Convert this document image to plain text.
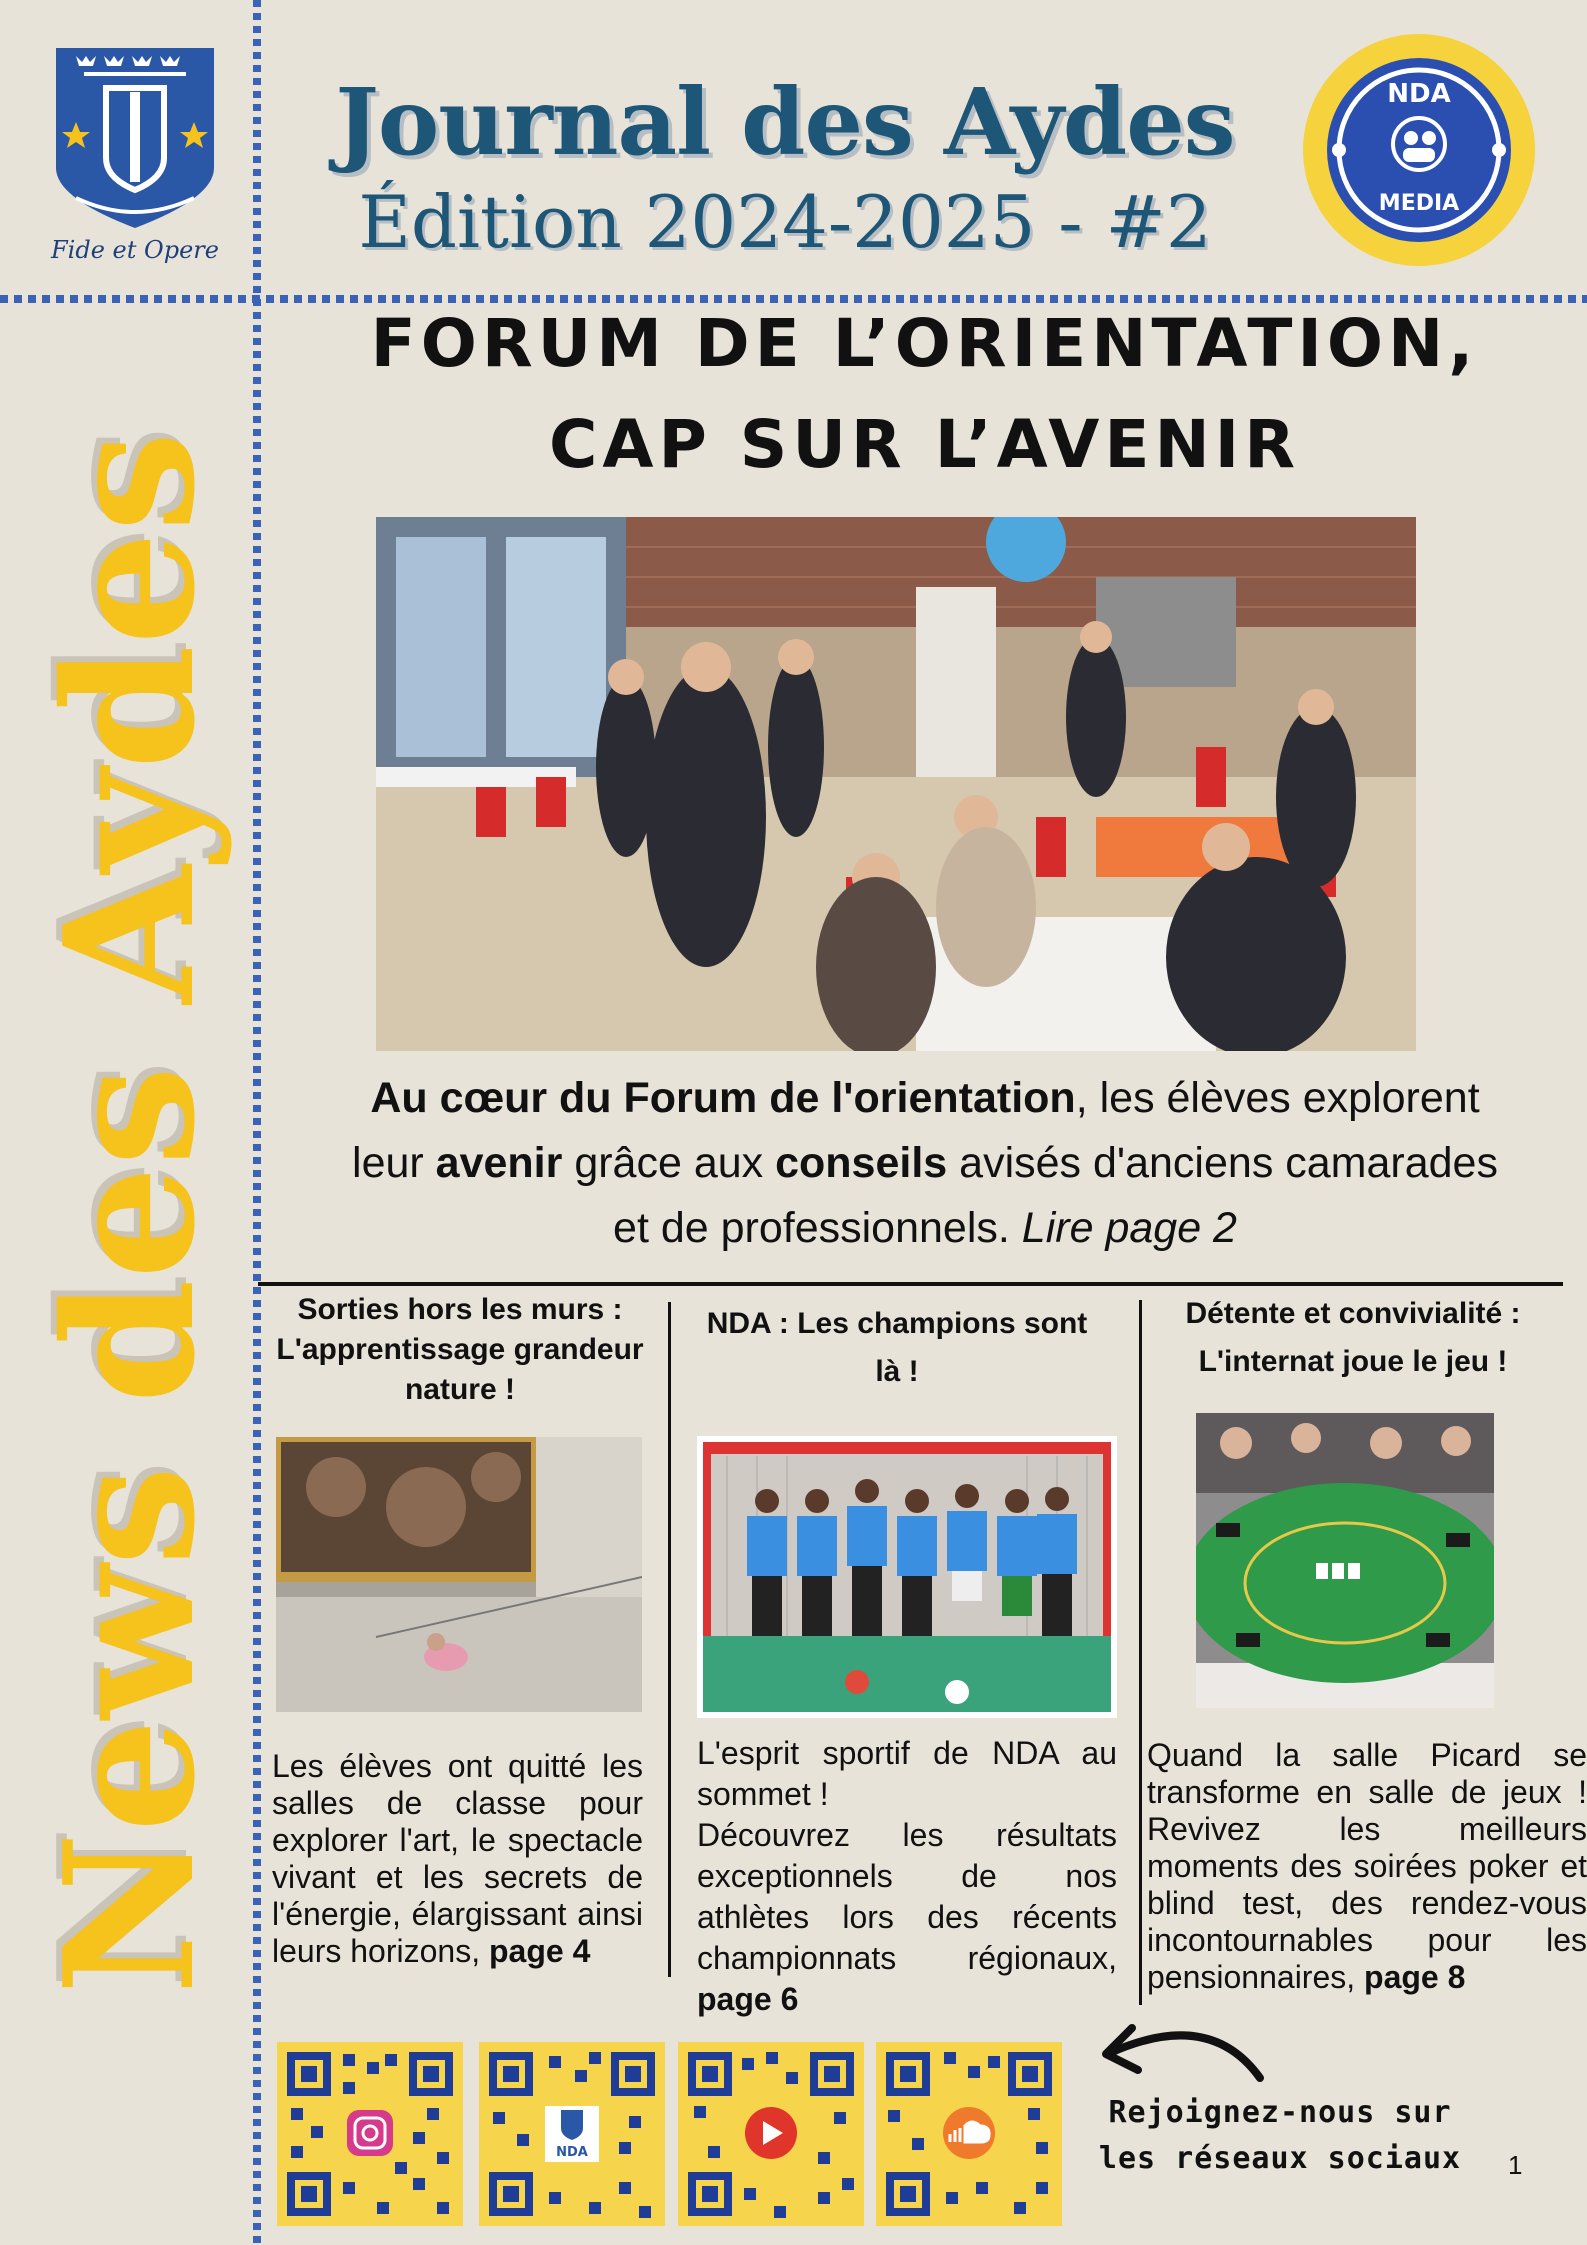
Fide et Opere
Journal des Aydes
Édition 2024-2025 - #2
NDA
MEDIA
News des Aydes
FORUM DE L’ORIENTATION,
CAP SUR L’AVENIR
Au cœur du Forum de l'orientation, les élèves explorent
leur avenir grâce aux conseils avisés d'anciens camarades
et de professionnels. Lire page 2
Sorties hors les murs : L'apprentissage grandeur nature !
NDA : Les champions sont là !
Détente et convivialité : L'internat joue le jeu !
Les élèves ont quitté les salles de classe pour explorer l'art, le spectacle vivant et les secrets de l'énergie, élargissant ainsi leurs horizons, page 4
L'esprit sportif de NDA au sommet !
Découvrez les résultats exceptionnels de nos athlètes lors des récents championnats régionaux, page 6
Quand la salle Picard se transforme en salle de jeux ! Revivez les meilleurs moments des soirées poker et blind test, des rendez-vous incontournables pour les pensionnaires, page 8
NDA
Rejoignez-nous sur
les réseaux sociaux	1
